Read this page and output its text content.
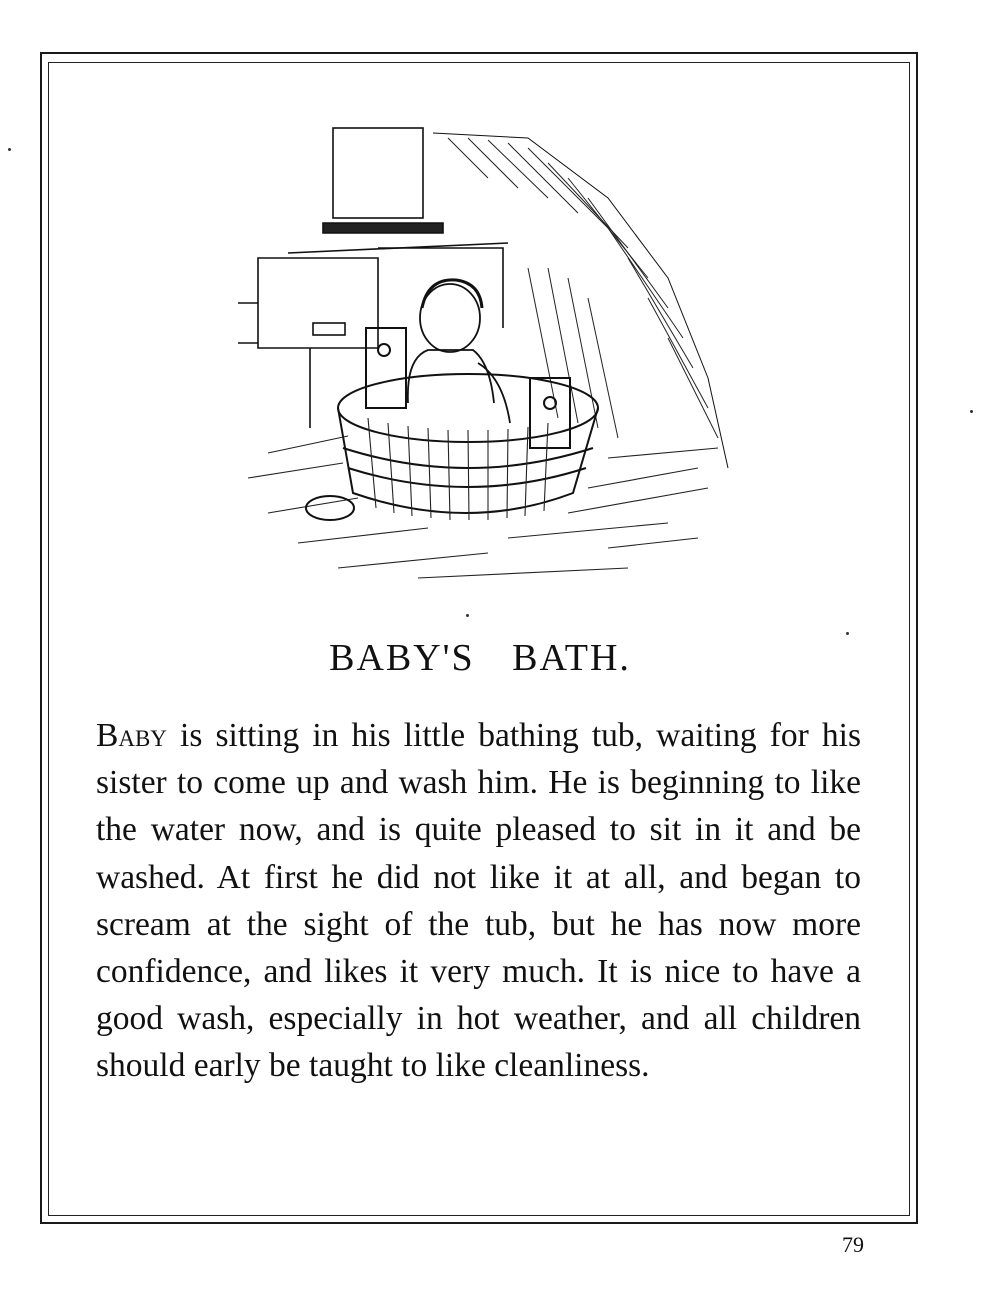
BABY'S BATH.

Baby is sitting in his little bathing tub, waiting for his sister to come up and wash him. He is beginning to like the water now, and is quite pleased to sit in it and be washed. At first he did not like it at all, and began to scream at the sight of the tub, but he has now more confidence, and likes it very much. It is nice to have a good wash, especially in hot weather, and all children should early be taught to like cleanliness.

79
